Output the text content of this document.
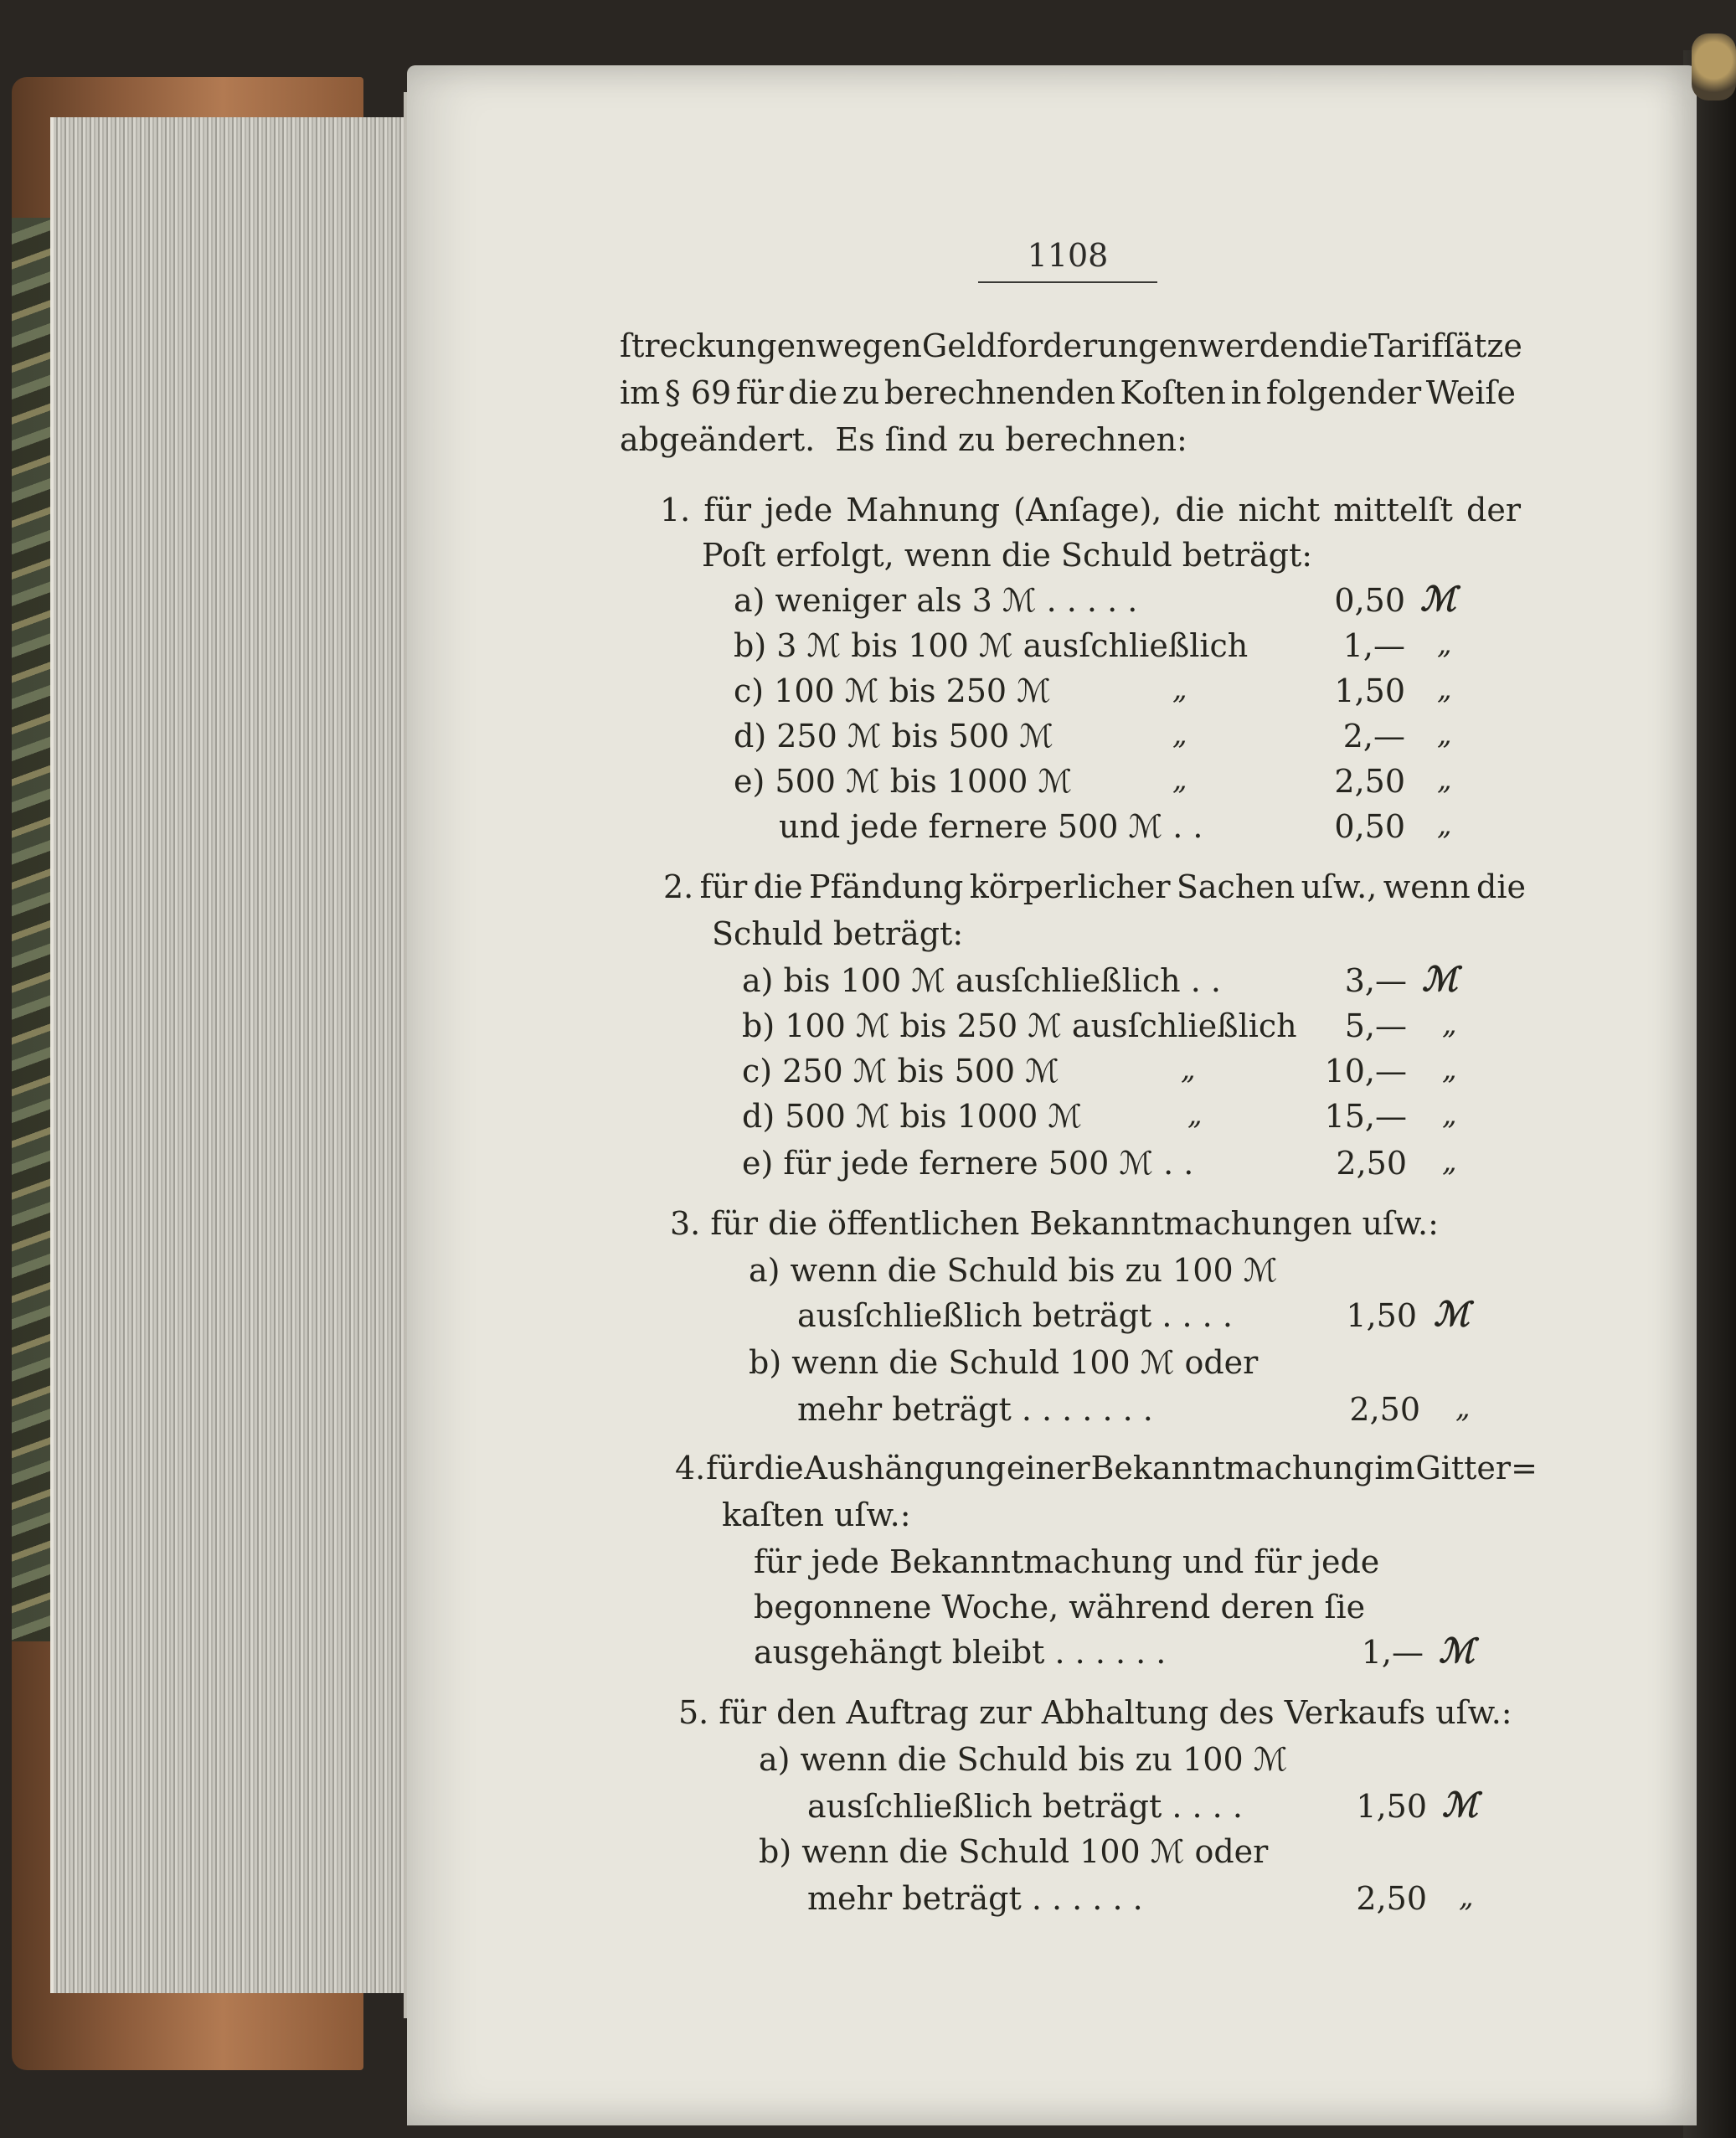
1108
ſtreckungen wegen Geldforderungen werden die Tarifſätze
im § 69 für die zu berechnenden Koſten in folgender Weiſe
abgeändert.  Es ſind zu berechnen:
1. für jede Mahnung (Anſage), die nicht mittelſt der
Poſt erfolgt, wenn die Schuld beträgt:
a) weniger als 3 ℳ . . . . .	0,50 ℳ
b) 3 ℳ bis 100 ℳ ausſchließlich	1,— „
c) 100 ℳ bis 250 ℳ	„	1,50 „
d) 250 ℳ bis 500 ℳ	„	2,— „
e) 500 ℳ bis 1000 ℳ	„	2,50 „
und jede fernere 500 ℳ . .	0,50 „
2. für die Pfändung körperlicher Sachen uſw., wenn die
Schuld beträgt:
a) bis 100 ℳ ausſchließlich . .	3,— ℳ
b) 100 ℳ bis 250 ℳ ausſchließlich	5,— „
c) 250 ℳ bis 500 ℳ	„	10,— „
d) 500 ℳ bis 1000 ℳ	„	15,— „
e) für jede fernere 500 ℳ . .	2,50 „
3. für die öffentlichen Bekanntmachungen uſw.:
a) wenn die Schuld bis zu 100 ℳ
ausſchließlich beträgt . . . .	1,50 ℳ
b) wenn die Schuld 100 ℳ oder
mehr beträgt . . . . . . .	2,50 „
4. für die Aushängung einer Bekanntmachung im Gitter=
kaſten uſw.:
für jede Bekanntmachung und für jede
begonnene Woche, während deren ſie
ausgehängt bleibt . . . . . .	1,— ℳ
5. für den Auftrag zur Abhaltung des Verkaufs uſw.:
a) wenn die Schuld bis zu 100 ℳ
ausſchließlich beträgt . . . .	1,50 ℳ
b) wenn die Schuld 100 ℳ oder
mehr beträgt . . . . . .	2,50 „
